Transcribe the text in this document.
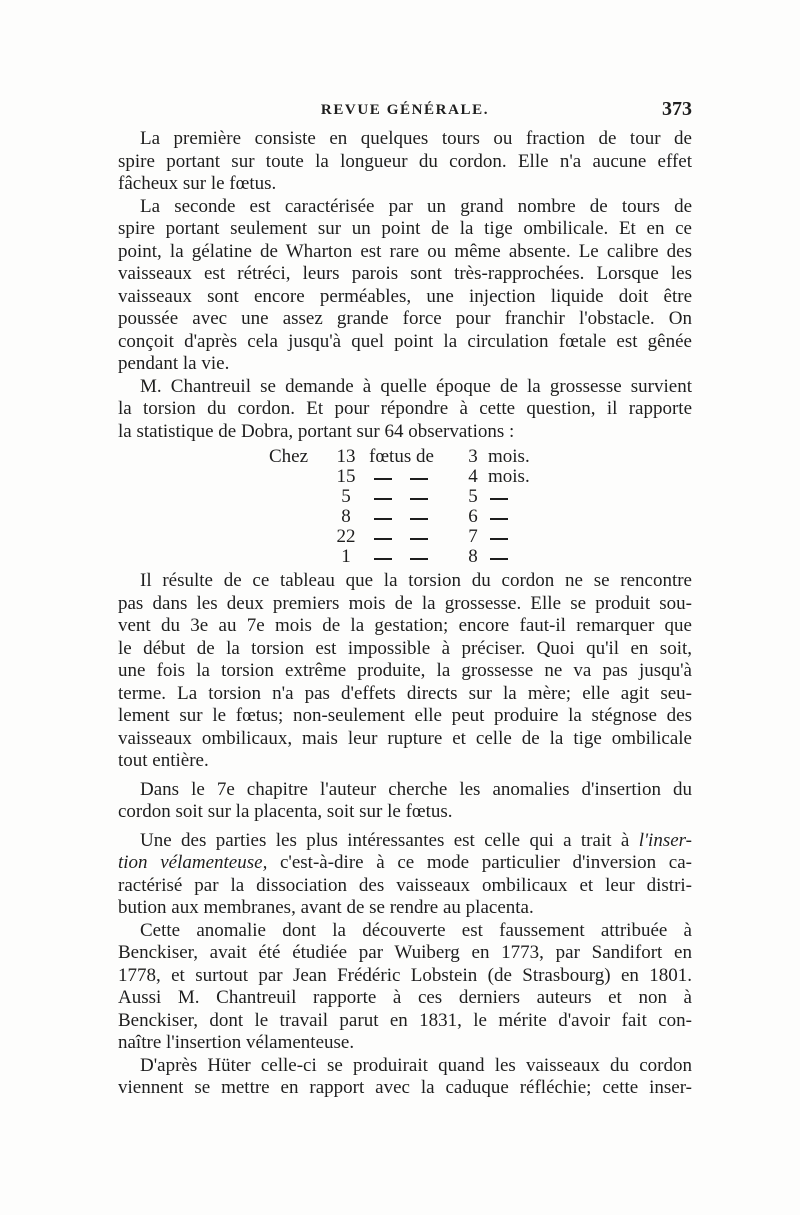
REVUE GÉNÉRALE.	373
La première consiste en quelques tours ou fraction de tour de
spire portant sur toute la longueur du cordon. Elle n'a aucune effet
fâcheux sur le fœtus.
La seconde est caractérisée par un grand nombre de tours de
spire portant seulement sur un point de la tige ombilicale. Et en ce
point, la gélatine de Wharton est rare ou même absente. Le calibre des
vaisseaux est rétréci, leurs parois sont très-rapprochées. Lorsque les
vaisseaux sont encore perméables, une injection liquide doit être
poussée avec une assez grande force pour franchir l'obstacle. On
conçoit d'après cela jusqu'à quel point la circulation fœtale est gênée
pendant la vie.
M. Chantreuil se demande à quelle époque de la grossesse survient
la torsion du cordon. Et pour répondre à cette question, il rapporte
la statistique de Dobra, portant sur 64 observations :
Chez	13 fœtus de 3 mois.
15	4 mois.
5	5
8	6
22	7
1	8
Il résulte de ce tableau que la torsion du cordon ne se rencontre
pas dans les deux premiers mois de la grossesse. Elle se produit sou-
vent du 3e au 7e mois de la gestation; encore faut-il remarquer que
le début de la torsion est impossible à préciser. Quoi qu'il en soit,
une fois la torsion extrême produite, la grossesse ne va pas jusqu'à
terme. La torsion n'a pas d'effets directs sur la mère; elle agit seu-
lement sur le fœtus; non-seulement elle peut produire la stégnose des
vaisseaux ombilicaux, mais leur rupture et celle de la tige ombilicale
tout entière.
Dans le 7e chapitre l'auteur cherche les anomalies d'insertion du
cordon soit sur la placenta, soit sur le fœtus.
Une des parties les plus intéressantes est celle qui a trait à l'inser-
tion vélamenteuse, c'est-à-dire à ce mode particulier d'inversion ca-
ractérisé par la dissociation des vaisseaux ombilicaux et leur distri-
bution aux membranes, avant de se rendre au placenta.
Cette anomalie dont la découverte est faussement attribuée à
Benckiser, avait été étudiée par Wuiberg en 1773, par Sandifort en
1778, et surtout par Jean Frédéric Lobstein (de Strasbourg) en 1801.
Aussi M. Chantreuil rapporte à ces derniers auteurs et non à
Benckiser, dont le travail parut en 1831, le mérite d'avoir fait con-
naître l'insertion vélamenteuse.
D'après Hüter celle-ci se produirait quand les vaisseaux du cordon
viennent se mettre en rapport avec la caduque réfléchie; cette inser-
